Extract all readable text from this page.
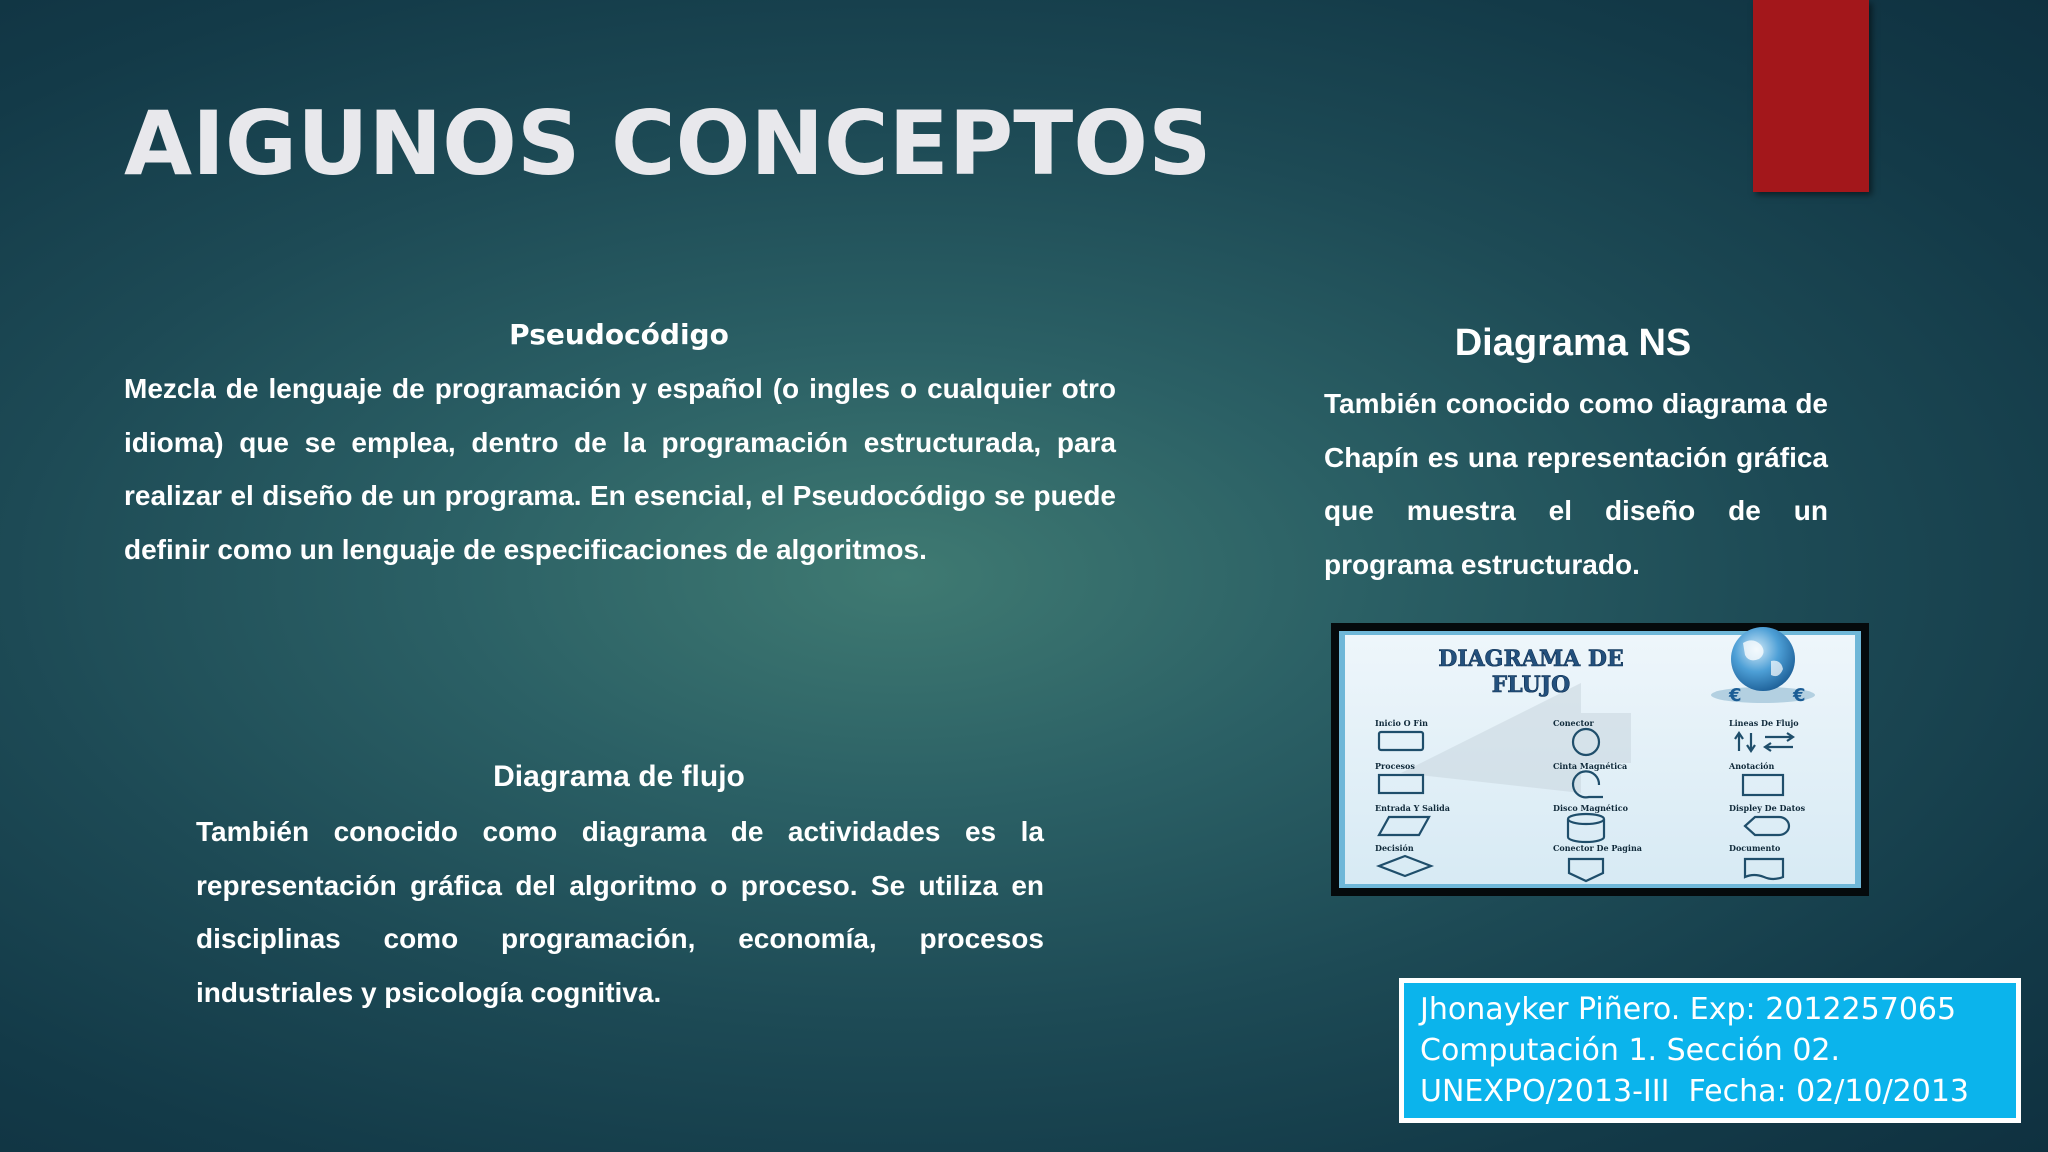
AIGUNOS CONCEPTOS
Pseudocódigo

Mezcla de lenguaje de programación y español (o ingles o cualquier otro idioma) que se emplea, dentro de la programación estructurada, para realizar el diseño de un programa. En esencial, el Pseudocódigo se puede definir como un lenguaje de especificaciones de algoritmos.

Diagrama NS

También conocido como diagrama de Chapín es una representación gráfica que muestra el diseño de un programa estructurado.

Diagrama de flujo

También conocido como diagrama de actividades es la representación gráfica del algoritmo o proceso. Se utiliza en disciplinas como programación, economía, procesos industriales y psicología cognitiva.

DIAGRAMA DE
FLUJO	€	€
Inicio O Fin
Procesos
Entrada Y Salida
Decisión
Conector
Cinta Magnética
Disco Magnético
Conector De Pagina
Lineas De Flujo
Anotación
Displey De Datos
Documento
Jhonayker Piñero. Exp: 2012257065
Computación 1. Sección 02.
UNEXPO/2013-III  Fecha: 02/10/2013
